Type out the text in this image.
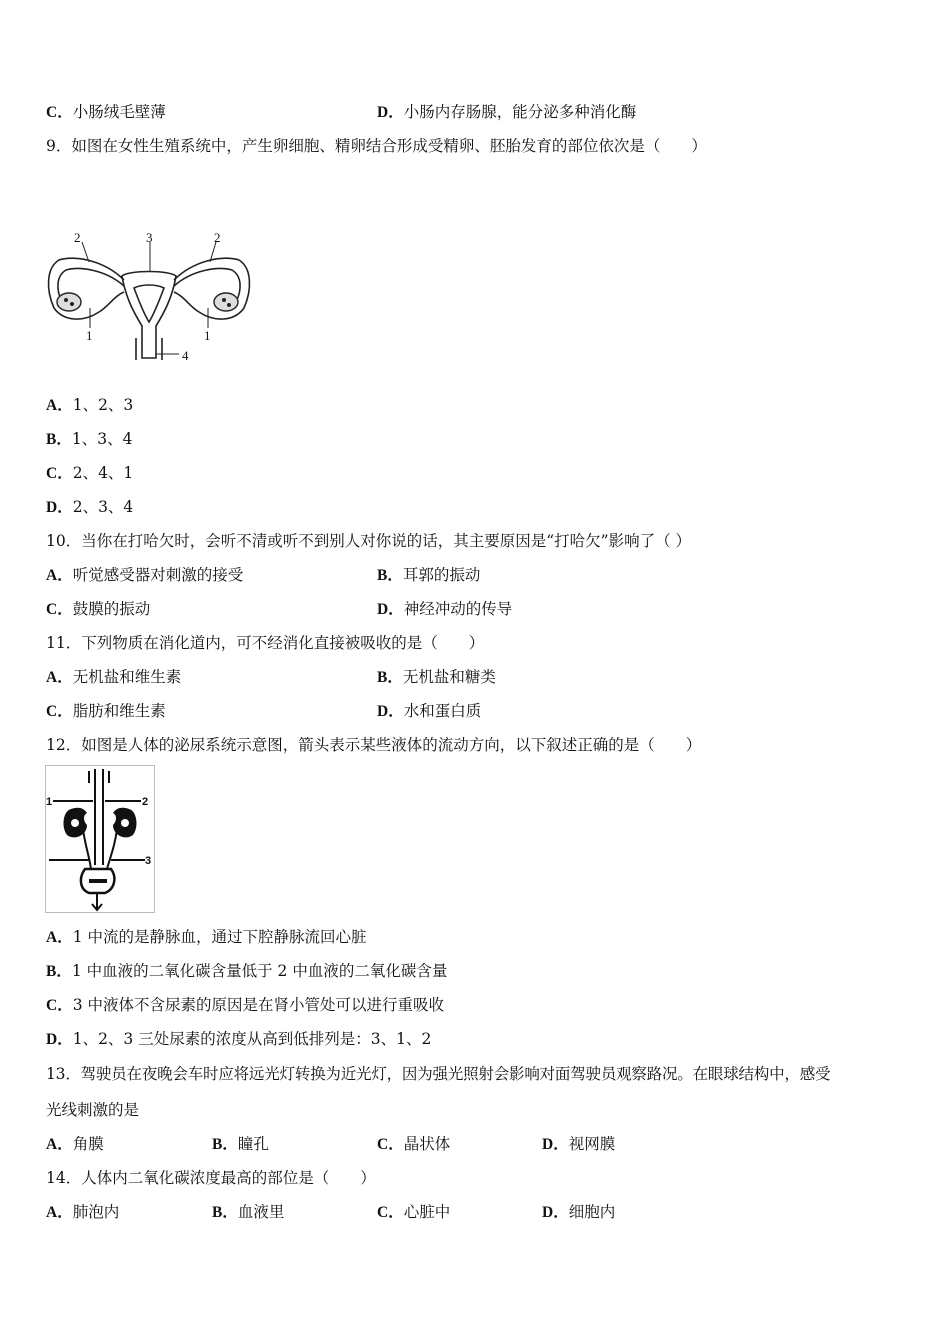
C．小肠绒毛壁薄	D．小肠内存肠腺，能分泌多种消化酶
9．如图在女性生殖系统中，产生卵细胞、精卵结合形成受精卵、胚胎发育的部位依次是（　　）
2	3	2
1	1
4
A．1、2、3
B．1、3、4
C．2、4、1
D．2、3、4
10．当你在打哈欠时，会听不清或听不到别人对你说的话，其主要原因是“打哈欠”影响了（ ）
A．听觉感受器对刺激的接受	B．耳郭的振动
C．鼓膜的振动	D．神经冲动的传导
11．下列物质在消化道内，可不经消化直接被吸收的是（　　）
A．无机盐和维生素	B．无机盐和糖类
C．脂肪和维生素	D．水和蛋白质
12．如图是人体的泌尿系统示意图，箭头表示某些液体的流动方向，以下叙述正确的是（　　）
1	2
3
A．1 中流的是静脉血，通过下腔静脉流回心脏
B．1 中血液的二氧化碳含量低于 2 中血液的二氧化碳含量
C．3 中液体不含尿素的原因是在肾小管处可以进行重吸收
D．1、2、3 三处尿素的浓度从高到低排列是：3、1、2
13．驾驶员在夜晚会车时应将远光灯转换为近光灯，因为强光照射会影响对面驾驶员观察路况。在眼球结构中，感受
光线刺激的是
A．角膜	B．瞳孔	C．晶状体	D．视网膜
14．人体内二氧化碳浓度最高的部位是（　　）
A．肺泡内	B．血液里	C．心脏中	D．细胞内
